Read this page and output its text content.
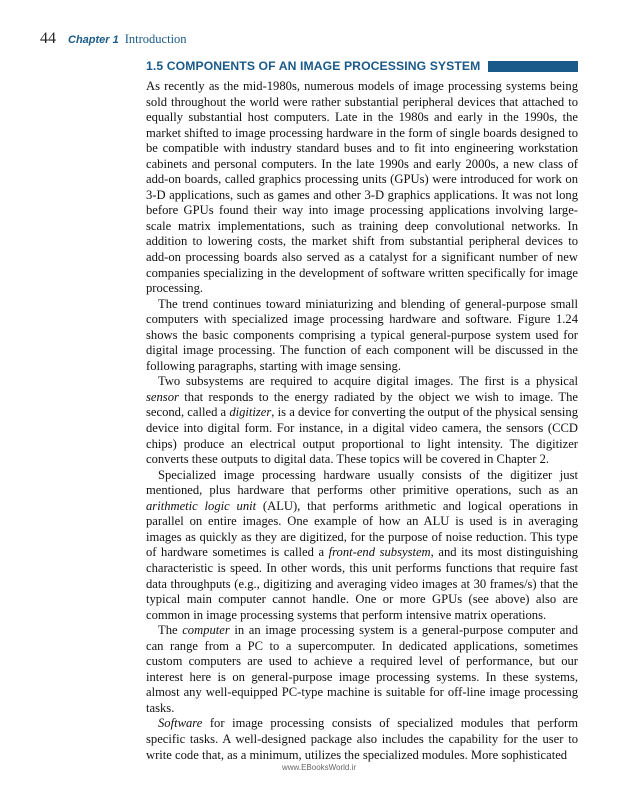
44 Chapter 1 Introduction
1.5 COMPONENTS OF AN IMAGE PROCESSING SYSTEM

As recently as the mid-1980s, numerous models of image processing systems being sold throughout the world were rather substantial peripheral devices that attached to equally substantial host computers. Late in the 1980s and early in the 1990s, the market shifted to image processing hardware in the form of single boards designed to be compatible with industry standard buses and to fit into engineering workstation cabinets and personal computers. In the late 1990s and early 2000s, a new class of add-on boards, called graphics processing units (GPUs) were introduced for work on 3-D applications, such as games and other 3-D graphics applications. It was not long before GPUs found their way into image processing applications involving large-scale matrix implementations, such as training deep convolutional networks. In addition to lowering costs, the market shift from substantial peripheral devices to add-on processing boards also served as a catalyst for a significant number of new companies specializing in the development of software written specifically for image processing.

The trend continues toward miniaturizing and blending of general-purpose small computers with specialized image processing hardware and software. Figure 1.24 shows the basic components comprising a typical general-purpose system used for digital image processing. The function of each component will be discussed in the following paragraphs, starting with image sensing.

Two subsystems are required to acquire digital images. The first is a physical sensor that responds to the energy radiated by the object we wish to image. The second, called a digitizer, is a device for converting the output of the physical sensing device into digital form. For instance, in a digital video camera, the sensors (CCD chips) produce an electrical output proportional to light intensity. The digitizer converts these outputs to digital data. These topics will be covered in Chapter 2.

Specialized image processing hardware usually consists of the digitizer just mentioned, plus hardware that performs other primitive operations, such as an arithmetic logic unit (ALU), that performs arithmetic and logical operations in parallel on entire images. One example of how an ALU is used is in averaging images as quickly as they are digitized, for the purpose of noise reduction. This type of hardware sometimes is called a front-end subsystem, and its most distinguishing characteristic is speed. In other words, this unit performs functions that require fast data throughputs (e.g., digitizing and averaging video images at 30 frames/s) that the typical main computer cannot handle. One or more GPUs (see above) also are common in image processing systems that perform intensive matrix operations.

The computer in an image processing system is a general-purpose computer and can range from a PC to a supercomputer. In dedicated applications, sometimes custom computers are used to achieve a required level of performance, but our interest here is on general-purpose image processing systems. In these systems, almost any well-equipped PC-type machine is suitable for off-line image processing tasks.

Software for image processing consists of specialized modules that perform specific tasks. A well-designed package also includes the capability for the user to write code that, as a minimum, utilizes the specialized modules. More sophisticated

www.EBooksWorld.ir
